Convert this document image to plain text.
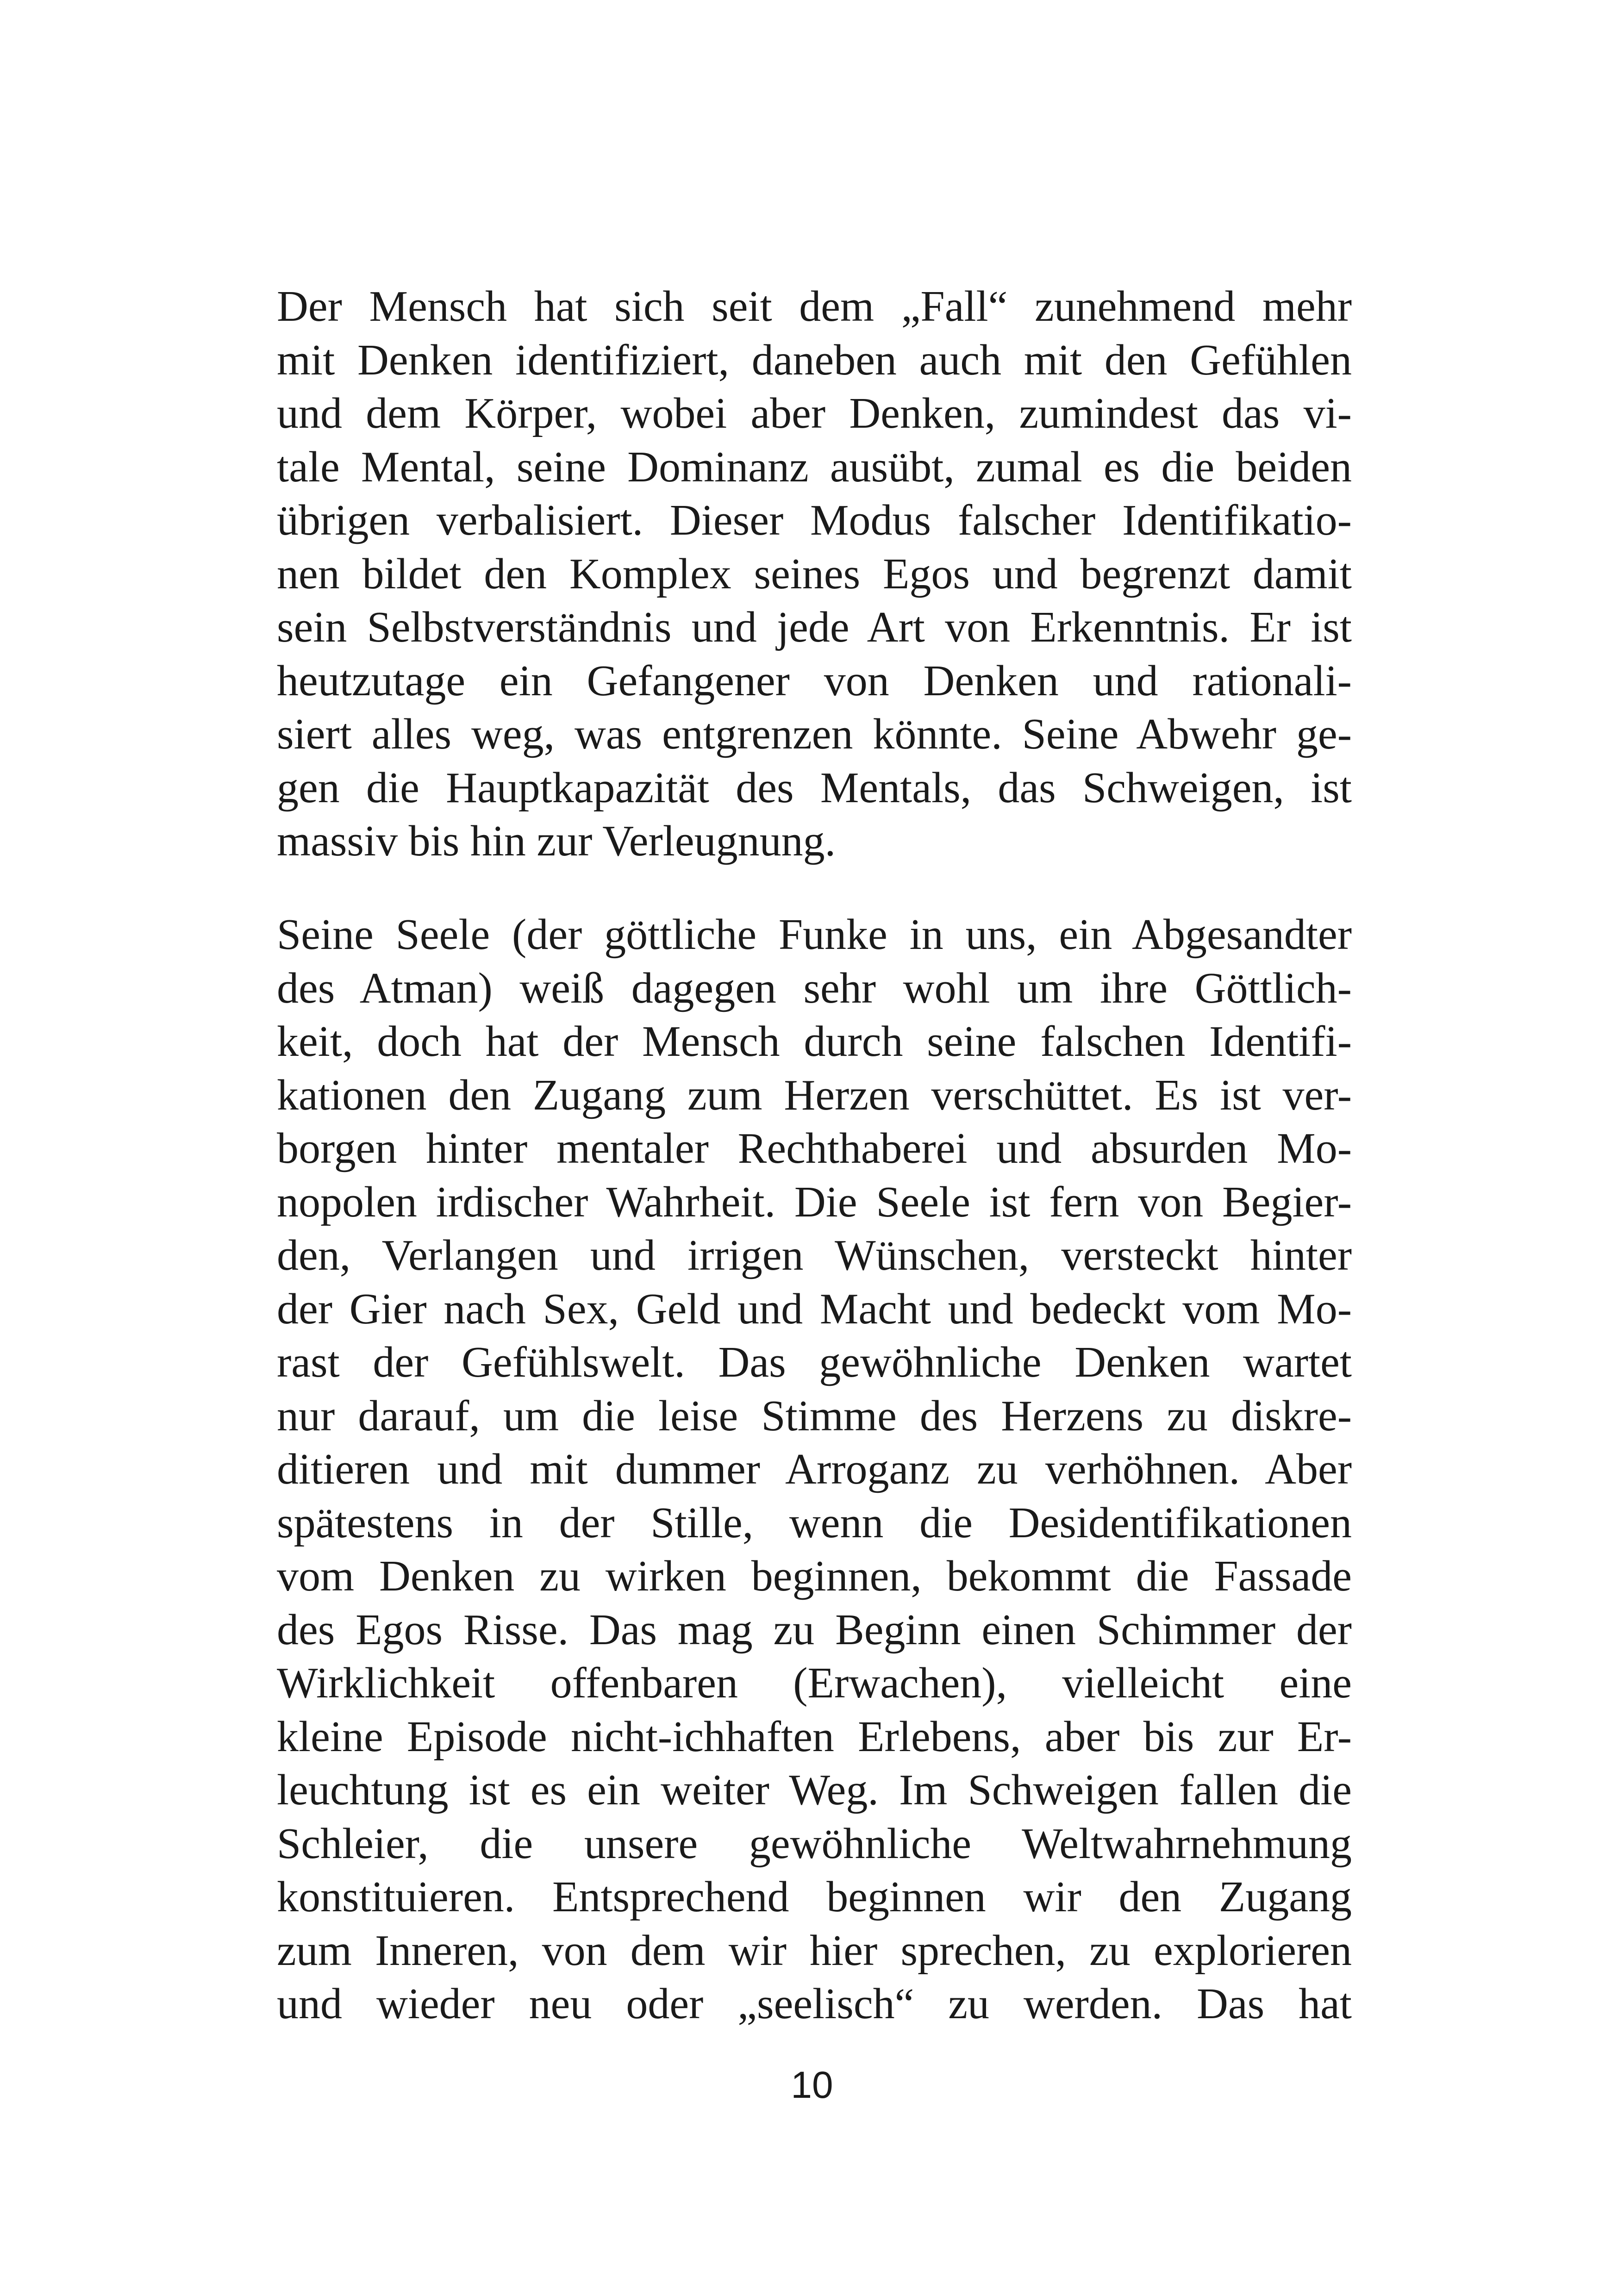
Der Mensch hat sich seit dem „Fall“ zunehmend mehr
mit Denken identifiziert, daneben auch mit den Gefühlen
und dem Körper, wobei aber Denken, zumindest das vi-
tale Mental, seine Dominanz ausübt, zumal es die beiden
übrigen verbalisiert. Dieser Modus falscher Identifikatio-
nen bildet den Komplex seines Egos und begrenzt damit
sein Selbstverständnis und jede Art von Erkenntnis. Er ist
heutzutage ein Gefangener von Denken und rationali-
siert alles weg, was entgrenzen könnte. Seine Abwehr ge-
gen die Hauptkapazität des Mentals, das Schweigen, ist
massiv bis hin zur Verleugnung.
Seine Seele (der göttliche Funke in uns, ein Abgesandter
des Atman) weiß dagegen sehr wohl um ihre Göttlich-
keit, doch hat der Mensch durch seine falschen Identifi-
kationen den Zugang zum Herzen verschüttet. Es ist ver-
borgen hinter mentaler Rechthaberei und absurden Mo-
nopolen irdischer Wahrheit. Die Seele ist fern von Begier-
den, Verlangen und irrigen Wünschen, versteckt hinter
der Gier nach Sex, Geld und Macht und bedeckt vom Mo-
rast der Gefühlswelt. Das gewöhnliche Denken wartet
nur darauf, um die leise Stimme des Herzens zu diskre-
ditieren und mit dummer Arroganz zu verhöhnen. Aber
spätestens in der Stille, wenn die Desidentifikationen
vom Denken zu wirken beginnen, bekommt die Fassade
des Egos Risse. Das mag zu Beginn einen Schimmer der
Wirklichkeit offenbaren (Erwachen), vielleicht eine
kleine Episode nicht-ichhaften Erlebens, aber bis zur Er-
leuchtung ist es ein weiter Weg. Im Schweigen fallen die
Schleier, die unsere gewöhnliche Weltwahrnehmung
konstituieren. Entsprechend beginnen wir den Zugang
zum Inneren, von dem wir hier sprechen, zu explorieren
und wieder neu oder „seelisch“ zu werden. Das hat
10
